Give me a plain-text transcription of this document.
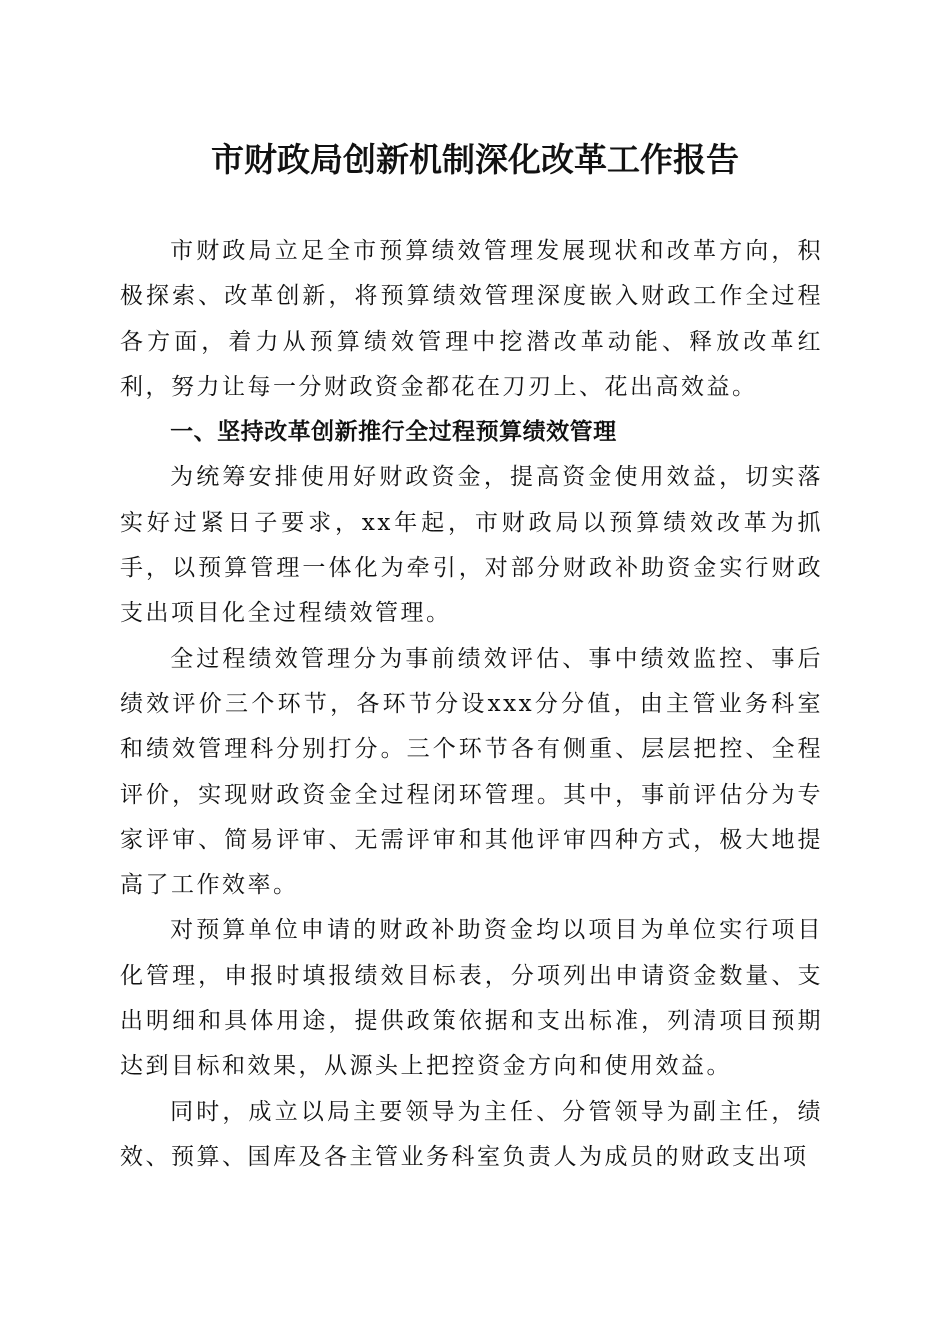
市财政局创新机制深化改革工作报告

市财政局立足全市预算绩效管理发展现状和改革方向，积极探索、改革创新，将预算绩效管理深度嵌入财政工作全过程各方面，着力从预算绩效管理中挖潜改革动能、释放改革红利，努力让每一分财政资金都花在刀刃上、花出高效益。

一、坚持改革创新推行全过程预算绩效管理

为统筹安排使用好财政资金，提高资金使用效益，切实落实好过紧日子要求，xx年起，市财政局以预算绩效改革为抓手，以预算管理一体化为牵引，对部分财政补助资金实行财政支出项目化全过程绩效管理。

全过程绩效管理分为事前绩效评估、事中绩效监控、事后绩效评价三个环节，各环节分设xxx分分值，由主管业务科室和绩效管理科分别打分。三个环节各有侧重、层层把控、全程评价，实现财政资金全过程闭环管理。其中，事前评估分为专家评审、简易评审、无需评审和其他评审四种方式，极大地提高了工作效率。

对预算单位申请的财政补助资金均以项目为单位实行项目化管理，申报时填报绩效目标表，分项列出申请资金数量、支出明细和具体用途，提供政策依据和支出标准，列清项目预期达到目标和效果，从源头上把控资金方向和使用效益。

同时，成立以局主要领导为主任、分管领导为副主任，绩效、预算、国库及各主管业务科室负责人为成员的财政支出项
